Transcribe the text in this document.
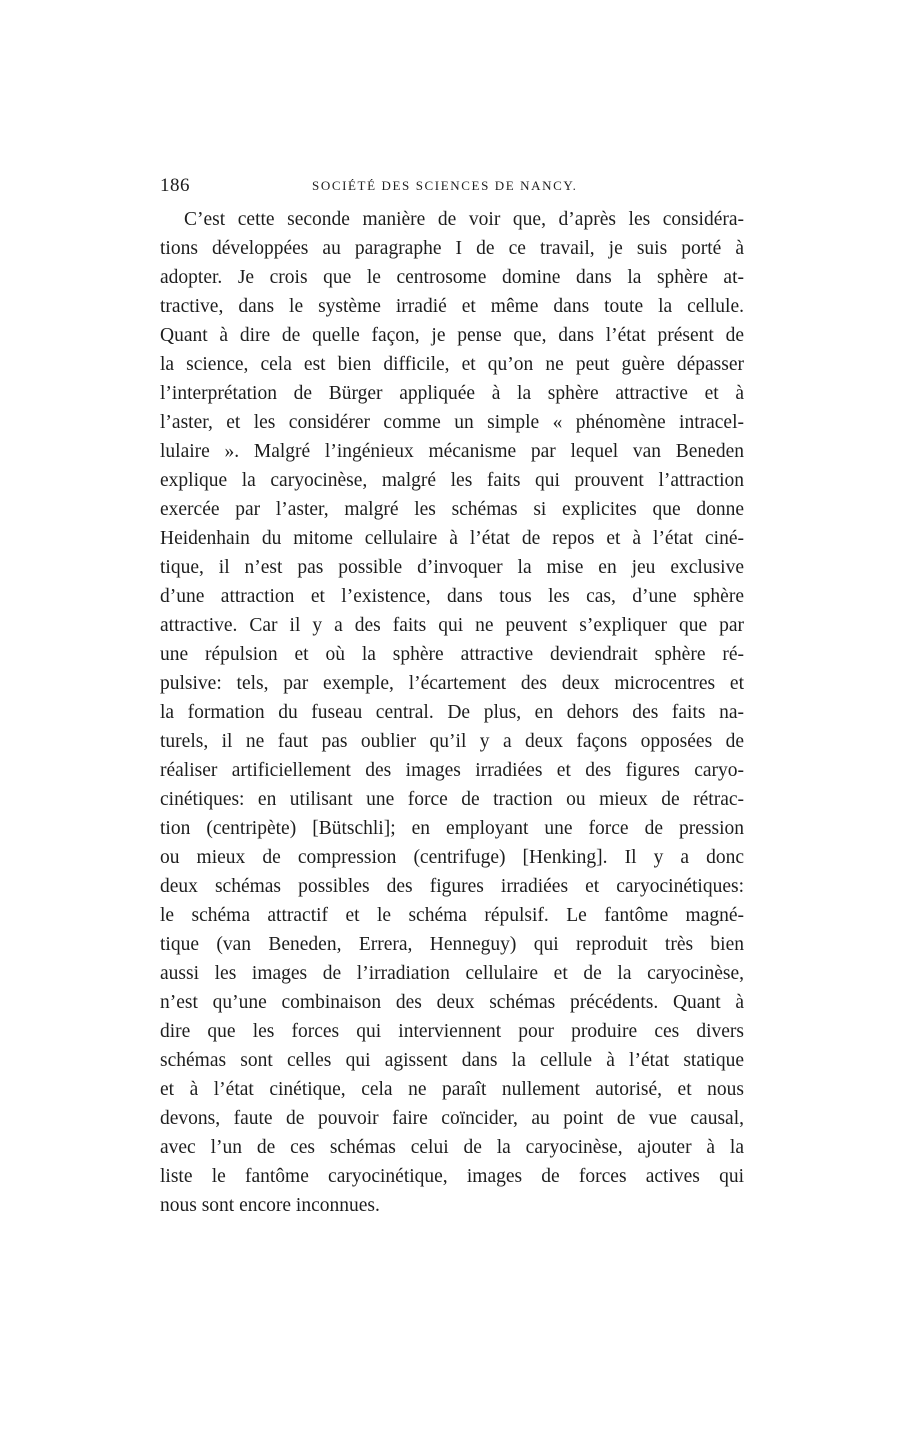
186	SOCIÉTÉ DES SCIENCES DE NANCY.
C’est cette seconde manière de voir que, d’après les considéra-
tions développées au paragraphe I de ce travail, je suis porté à
adopter. Je crois que le centrosome domine dans la sphère at-
tractive, dans le système irradié et même dans toute la cellule.
Quant à dire de quelle façon, je pense que, dans l’état présent de
la science, cela est bien difficile, et qu’on ne peut guère dépasser
l’interprétation de Bürger appliquée à la sphère attractive et à
l’aster, et les considérer comme un simple « phénomène intracel-
lulaire ». Malgré l’ingénieux mécanisme par lequel van Beneden
explique la caryocinèse, malgré les faits qui prouvent l’attraction
exercée par l’aster, malgré les schémas si explicites que donne
Heidenhain du mitome cellulaire à l’état de repos et à l’état ciné-
tique, il n’est pas possible d’invoquer la mise en jeu exclusive
d’une attraction et l’existence, dans tous les cas, d’une sphère
attractive. Car il y a des faits qui ne peuvent s’expliquer que par
une répulsion et où la sphère attractive deviendrait sphère ré-
pulsive: tels, par exemple, l’écartement des deux microcentres et
la formation du fuseau central. De plus, en dehors des faits na-
turels, il ne faut pas oublier qu’il y a deux façons opposées de
réaliser artificiellement des images irradiées et des figures caryo-
cinétiques: en utilisant une force de traction ou mieux de rétrac-
tion (centripète) [Bütschli]; en employant une force de pression
ou mieux de compression (centrifuge) [Henking]. Il y a donc
deux schémas possibles des figures irradiées et caryocinétiques:
le schéma attractif et le schéma répulsif. Le fantôme magné-
tique (van Beneden, Errera, Henneguy) qui reproduit très bien
aussi les images de l’irradiation cellulaire et de la caryocinèse,
n’est qu’une combinaison des deux schémas précédents. Quant à
dire que les forces qui interviennent pour produire ces divers
schémas sont celles qui agissent dans la cellule à l’état statique
et à l’état cinétique, cela ne paraît nullement autorisé, et nous
devons, faute de pouvoir faire coïncider, au point de vue causal,
avec l’un de ces schémas celui de la caryocinèse, ajouter à la
liste le fantôme caryocinétique, images de forces actives qui
nous sont encore inconnues.
